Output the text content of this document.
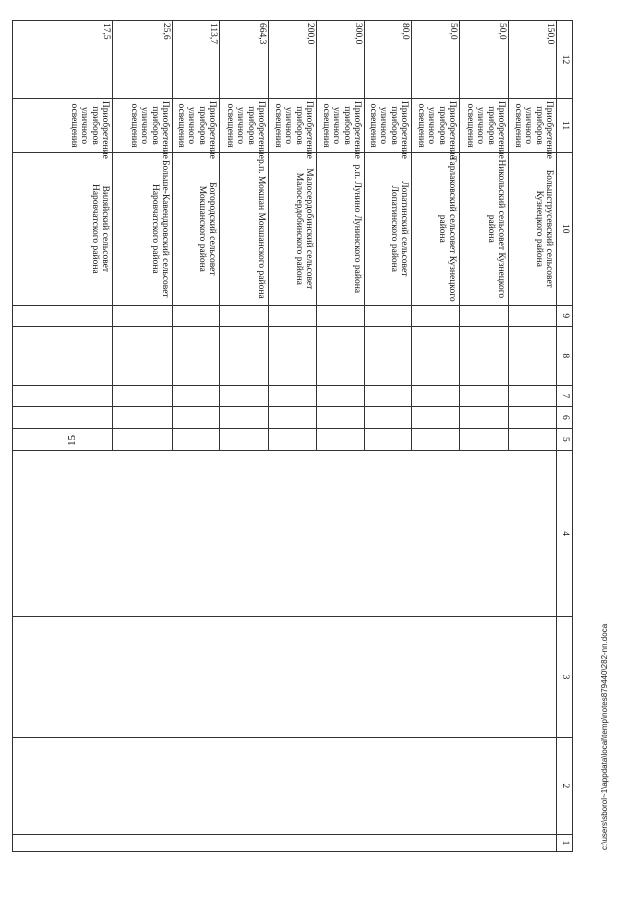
15
12	11	10	9	8	7	6	5	4	3	2	1

150,0	Приобретение приборов уличного освещения	Большструсевский сельсовет Кузнецкого района									

50,0	Приобретение приборов уличного освещения	Никольский сельсовет Кузнецкого района									

50,0	Приобретение приборов уличного освещения	Тарлаковский сельсовет Кузнецкого района									

80,0	Приобретение приборов уличного освещения	Лопатинский сельсовет Лопатинского района									

300,0	Приобретение приборов уличного освещения	р.п. Лунино Лунинского района									

200,0	Приобретение приборов уличного освещения	Малосердобинский сельсовет Малосердобинского района									

664,3	Приобретение приборов уличного освещения	р.п. Мокшан Мокшанского района									

113,7	Приобретение приборов уличного освещения	Богородский сельсовет Мокшанского района									

25,6	Приобретение приборов уличного освещения	Больше-Кавендровский сельсовет Наровчатского района									

17,5	Приобретение приборов уличного освещения	Виляйский сельсовет Наровчатского района									

c:\users\sborol~1\appdata\local\temp\notes879440\282-nn.doca
